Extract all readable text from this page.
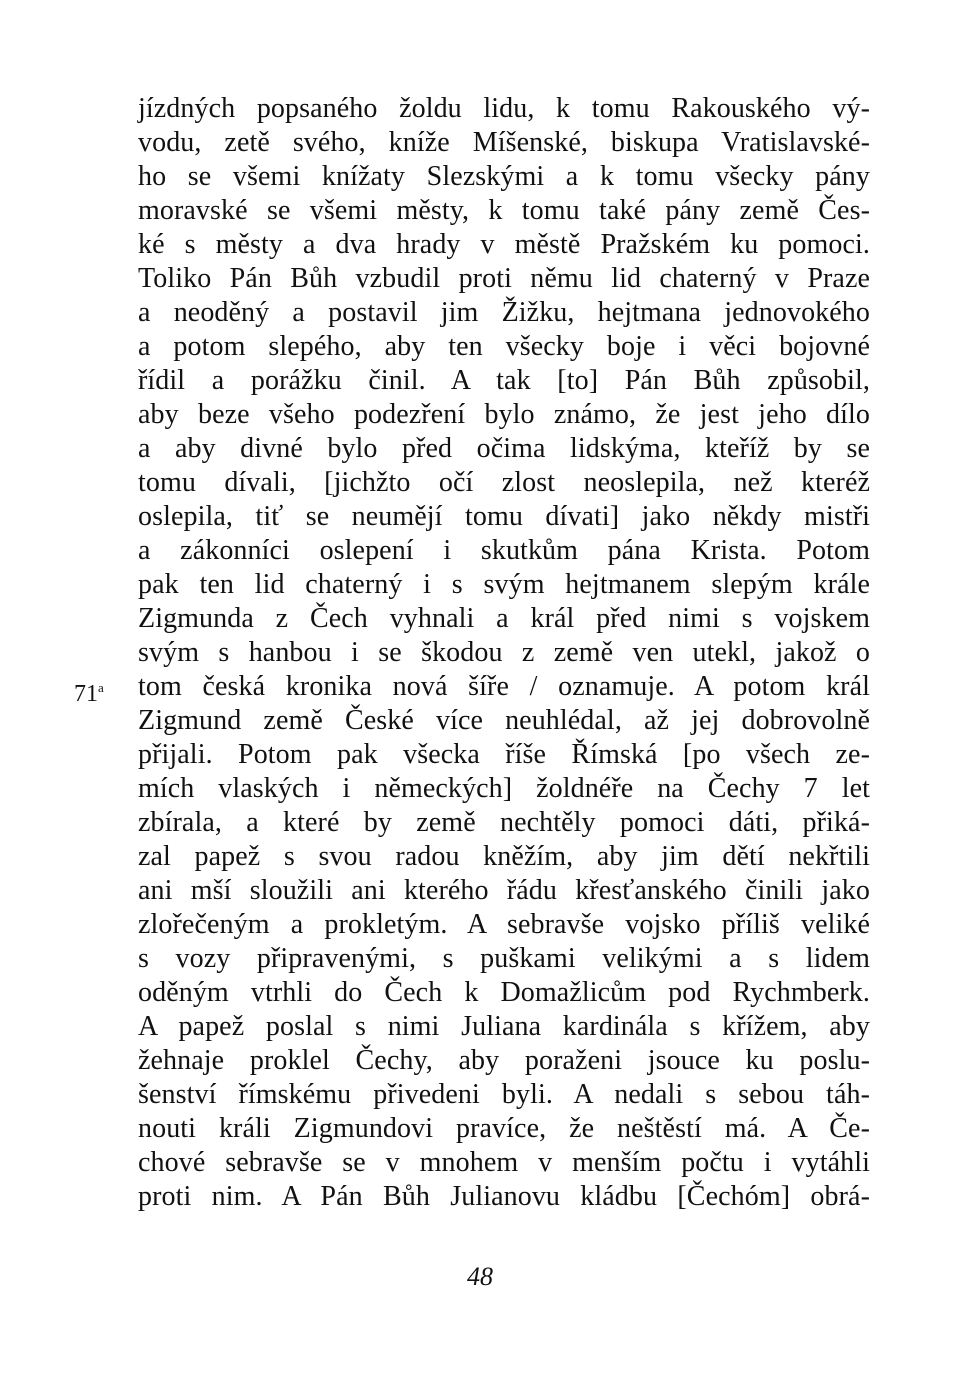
jízdných popsaného žoldu lidu, k tomu Rakouského vý-
vodu, zetě svého, kníže Míšenské, biskupa Vratislavské-
ho se všemi knížaty Slezskými a k tomu všecky pány
moravské se všemi městy, k tomu také pány země Čes-
ké s městy a dva hrady v městě Pražském ku pomoci.
Toliko Pán Bůh vzbudil proti němu lid chaterný v Praze
a neoděný a postavil jim Žižku, hejtmana jednovokého
a potom slepého, aby ten všecky boje i věci bojovné
řídil a porážku činil. A tak [to] Pán Bůh způsobil,
aby beze všeho podezření bylo známo, že jest jeho dílo
a aby divné bylo před očima lidskýma, kteříž by se
tomu dívali, [jichžto očí zlost neoslepila, než kteréž
oslepila, tiť se neumějí tomu dívati] jako někdy mistři
a zákonníci oslepení i skutkům pána Krista. Potom
pak ten lid chaterný i s svým hejtmanem slepým krále
Zigmunda z Čech vyhnali a král před nimi s vojskem
svým s hanbou i se škodou z země ven utekl, jakož o
tom česká kronika nová šíře / oznamuje. A potom král
Zigmund země České více neuhlédal, až jej dobrovolně
přijali. Potom pak všecka říše Římská [po všech ze-
mích vlaských i německých] žoldnéře na Čechy 7 let
zbírala, a které by země nechtěly pomoci dáti, přiká-
zal papež s svou radou kněžím, aby jim dětí nekřtili
ani mší sloužili ani kterého řádu křesťanského činili jako
zlořečeným a prokletým. A sebravše vojsko příliš veliké
s vozy připravenými, s puškami velikými a s lidem
oděným vtrhli do Čech k Domažlicům pod Rychmberk.
A papež poslal s nimi Juliana kardinála s křížem, aby
žehnaje proklel Čechy, aby poraženi jsouce ku poslu-
šenství římskému přivedeni byli. A nedali s sebou táh-
nouti králi Zigmundovi pravíce, že neštěstí má. A Če-
chové sebravše se v mnohem v menším počtu i vytáhli
proti nim. A Pán Bůh Julianovu kládbu [Čechóm] obrá-
71$^a$
48
